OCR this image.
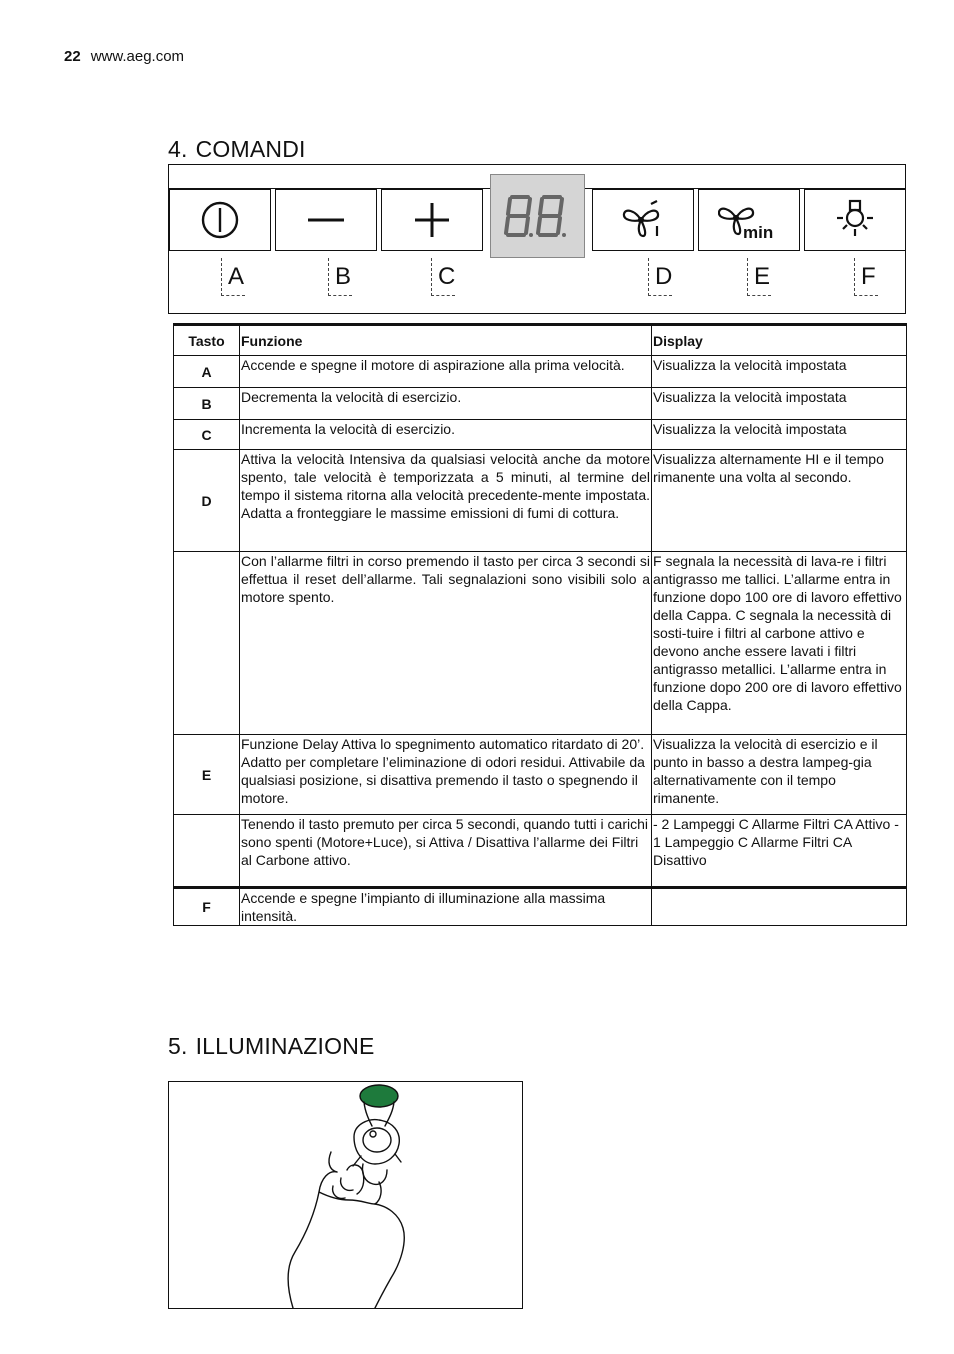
22 www.aeg.com
4. COMANDI
min
A	B	C	D	E	F
Tasto	Funzione	Display
A	Accende e spegne il motore di aspirazione alla prima velocità.	Visualizza la velocità impostata
B	Decrementa la velocità di esercizio.	Visualizza la velocità impostata
C	Incrementa la velocità di esercizio.	Visualizza la velocità impostata
D	Attiva la velocità Intensiva da qualsiasi velocità anche da motore spento, tale velocità è temporizzata a 5 minuti, al termine del tempo il sistema ritorna alla velocità precedente-mente impostata. Adatta a fronteggiare le massime emissioni di fumi di cottura.	Visualizza alternamente HI e il tempo rimanente una volta al secondo.
	Con l’allarme filtri in corso premendo il tasto per circa 3 secondi si effettua il reset dell’allarme. Tali segnalazioni sono visibili solo a motore spento.	F segnala la necessità di lava-re i filtri antigrasso me tallici. L’allarme entra in funzione dopo 100 ore di lavoro effettivo della Cappa. C segnala la necessità di sosti-tuire i filtri al carbone attivo e devono anche essere lavati i filtri antigrasso metallici. L’allarme entra in funzione dopo 200 ore di lavoro effettivo della Cappa.
E	Funzione Delay Attiva lo spegnimento automatico ritardato di 20’. Adatto per completare l’eliminazione di odori residui. Attivabile da qualsiasi posizione, si disattiva premendo il tasto o spegnendo il motore.	Visualizza la velocità di esercizio e il punto in basso a destra lampeg-gia alternativamente con il tempo rimanente.
	Tenendo il tasto premuto per circa 5 secondi, quando tutti i carichi sono spenti (Motore+Luce), si Attiva / Disattiva l’allarme dei Filtri al Carbone attivo.	- 2 Lampeggi C Allarme Filtri CA Attivo - 1 Lampeggio C Allarme Filtri CA Disattivo
F	Accende e spegne l’impianto di illuminazione alla massima intensità.	
5. ILLUMINAZIONE
